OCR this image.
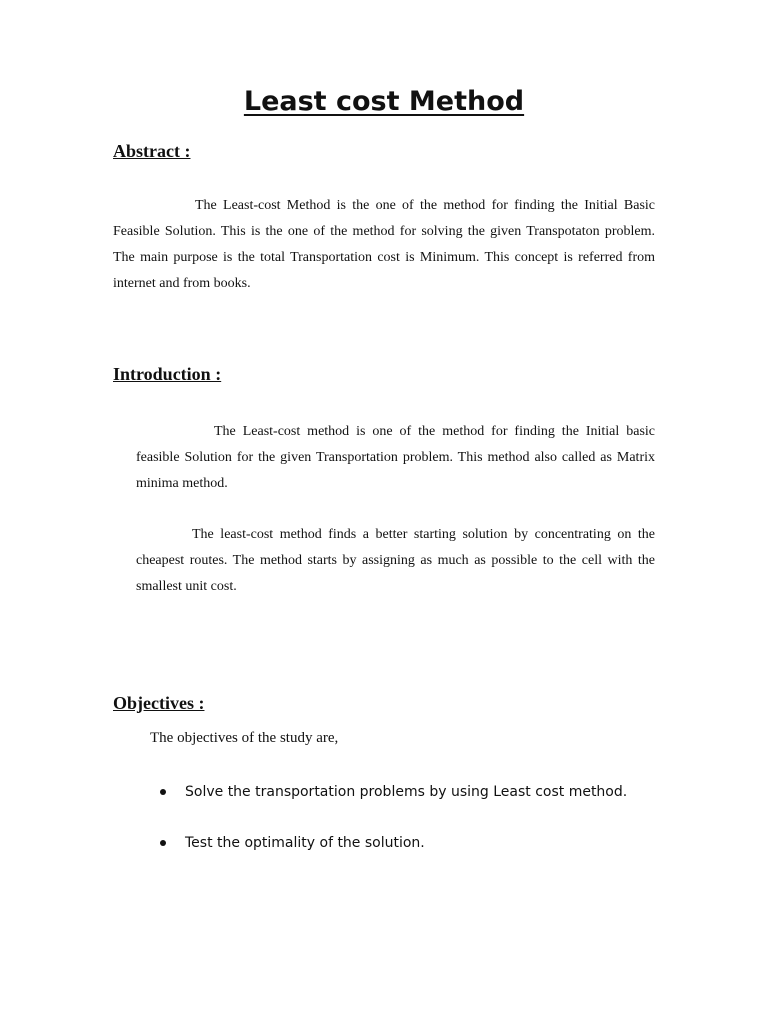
Least cost Method
Abstract :

The Least-cost Method is the one of the method for finding the Initial Basic Feasible Solution. This is the one of the method for solving the given Transpotaton problem. The main purpose is the total Transportation cost is Minimum. This concept is referred from internet and from books.

Introduction :

The Least-cost method is one of the method for finding the Initial basic feasible Solution for the given Transportation problem. This method also called as Matrix minima method.

The least-cost method finds a better starting solution by concentrating on the cheapest routes. The method starts by assigning as much as possible to the cell with the smallest unit cost.

Objectives :

The objectives of the study are,

Solve the transportation problems by using Least cost method.
Test the optimality of the solution.
